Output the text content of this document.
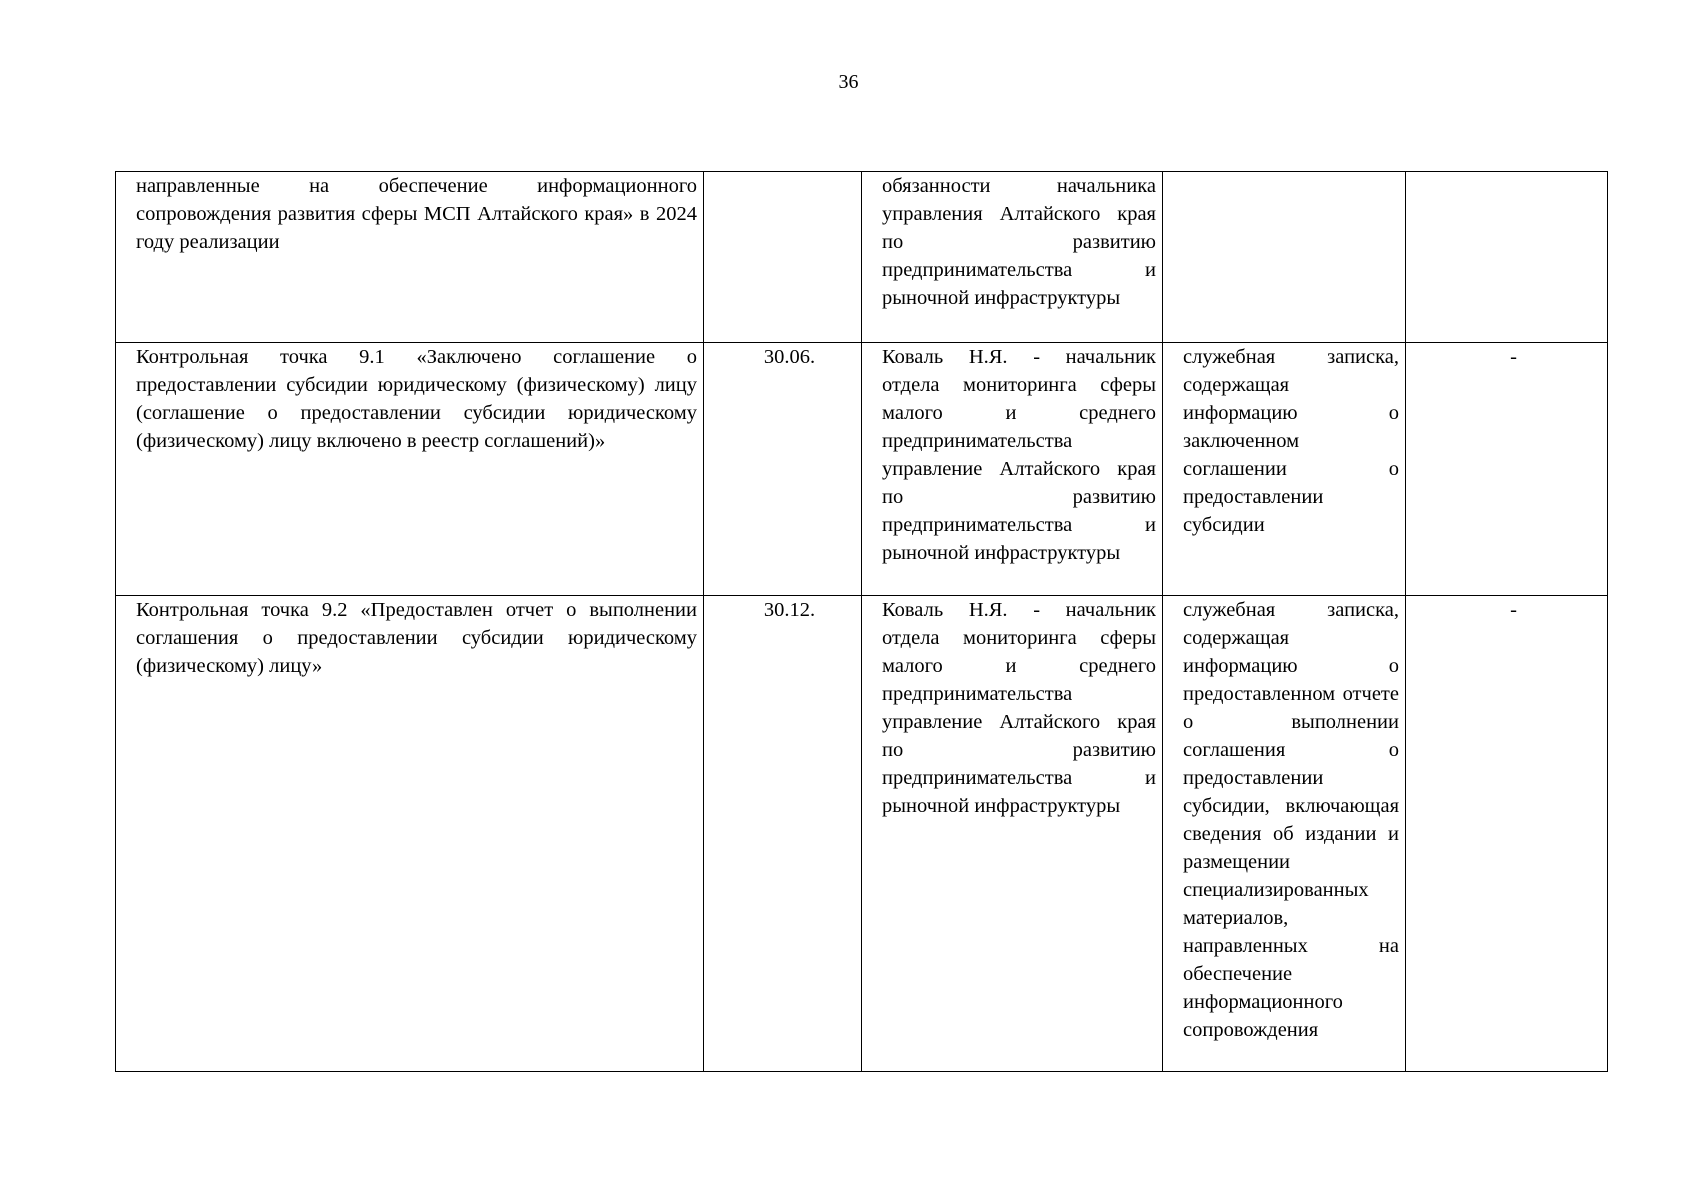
36
направленные на обеспечение информационного сопровождения развития сферы МСП Алтайского края» в 2024 году реализации		обязанности начальника управления Алтайского края по развитию предпринимательства и рыночной инфраструктуры		

Контрольная точка 9.1 «Заключено соглашение о предоставлении субсидии юридическому (физическому) лицу (соглашение о предоставлении субсидии юридическому (физическому) лицу включено в реестр соглашений)»	30.06.	Коваль Н.Я. - начальник отдела мониторинга сферы малого и среднего предпринимательства управление Алтайского края по развитию предпринимательства и рыночной инфраструктуры	служебная записка, содержащая информацию о заключенном соглашении о предоставлении субсидии	-

Контрольная точка 9.2 «Предоставлен отчет о выполнении соглашения о предоставлении субсидии юридическому (физическому) лицу»	30.12.	Коваль Н.Я. - начальник отдела мониторинга сферы малого и среднего предпринимательства управление Алтайского края по развитию предпринимательства и рыночной инфраструктуры	служебная записка, содержащая информацию о предоставленном отчете о выполнении соглашения о предоставлении субсидии, включающая сведения об издании и размещении специализированных материалов, направленных на обеспечение информационного сопровождения	-
